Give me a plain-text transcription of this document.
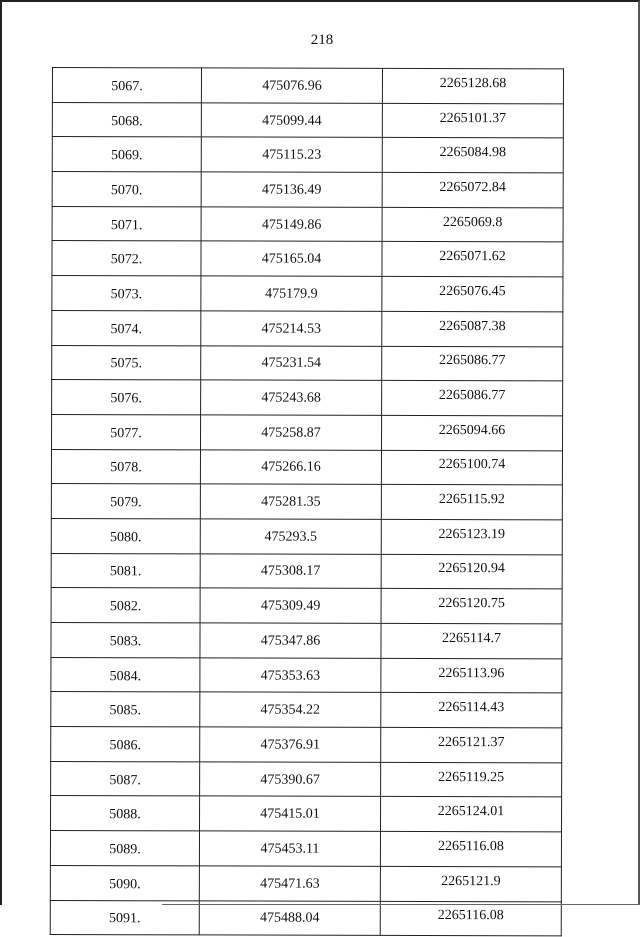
218
5067.	475076.96	2265128.68
5068.	475099.44	2265101.37
5069.	475115.23	2265084.98
5070.	475136.49	2265072.84
5071.	475149.86	2265069.8
5072.	475165.04	2265071.62
5073.	475179.9	2265076.45
5074.	475214.53	2265087.38
5075.	475231.54	2265086.77
5076.	475243.68	2265086.77
5077.	475258.87	2265094.66
5078.	475266.16	2265100.74
5079.	475281.35	2265115.92
5080.	475293.5	2265123.19
5081.	475308.17	2265120.94
5082.	475309.49	2265120.75
5083.	475347.86	2265114.7
5084.	475353.63	2265113.96
5085.	475354.22	2265114.43
5086.	475376.91	2265121.37
5087.	475390.67	2265119.25
5088.	475415.01	2265124.01
5089.	475453.11	2265116.08
5090.	475471.63	2265121.9
5091.	475488.04	2265116.08
